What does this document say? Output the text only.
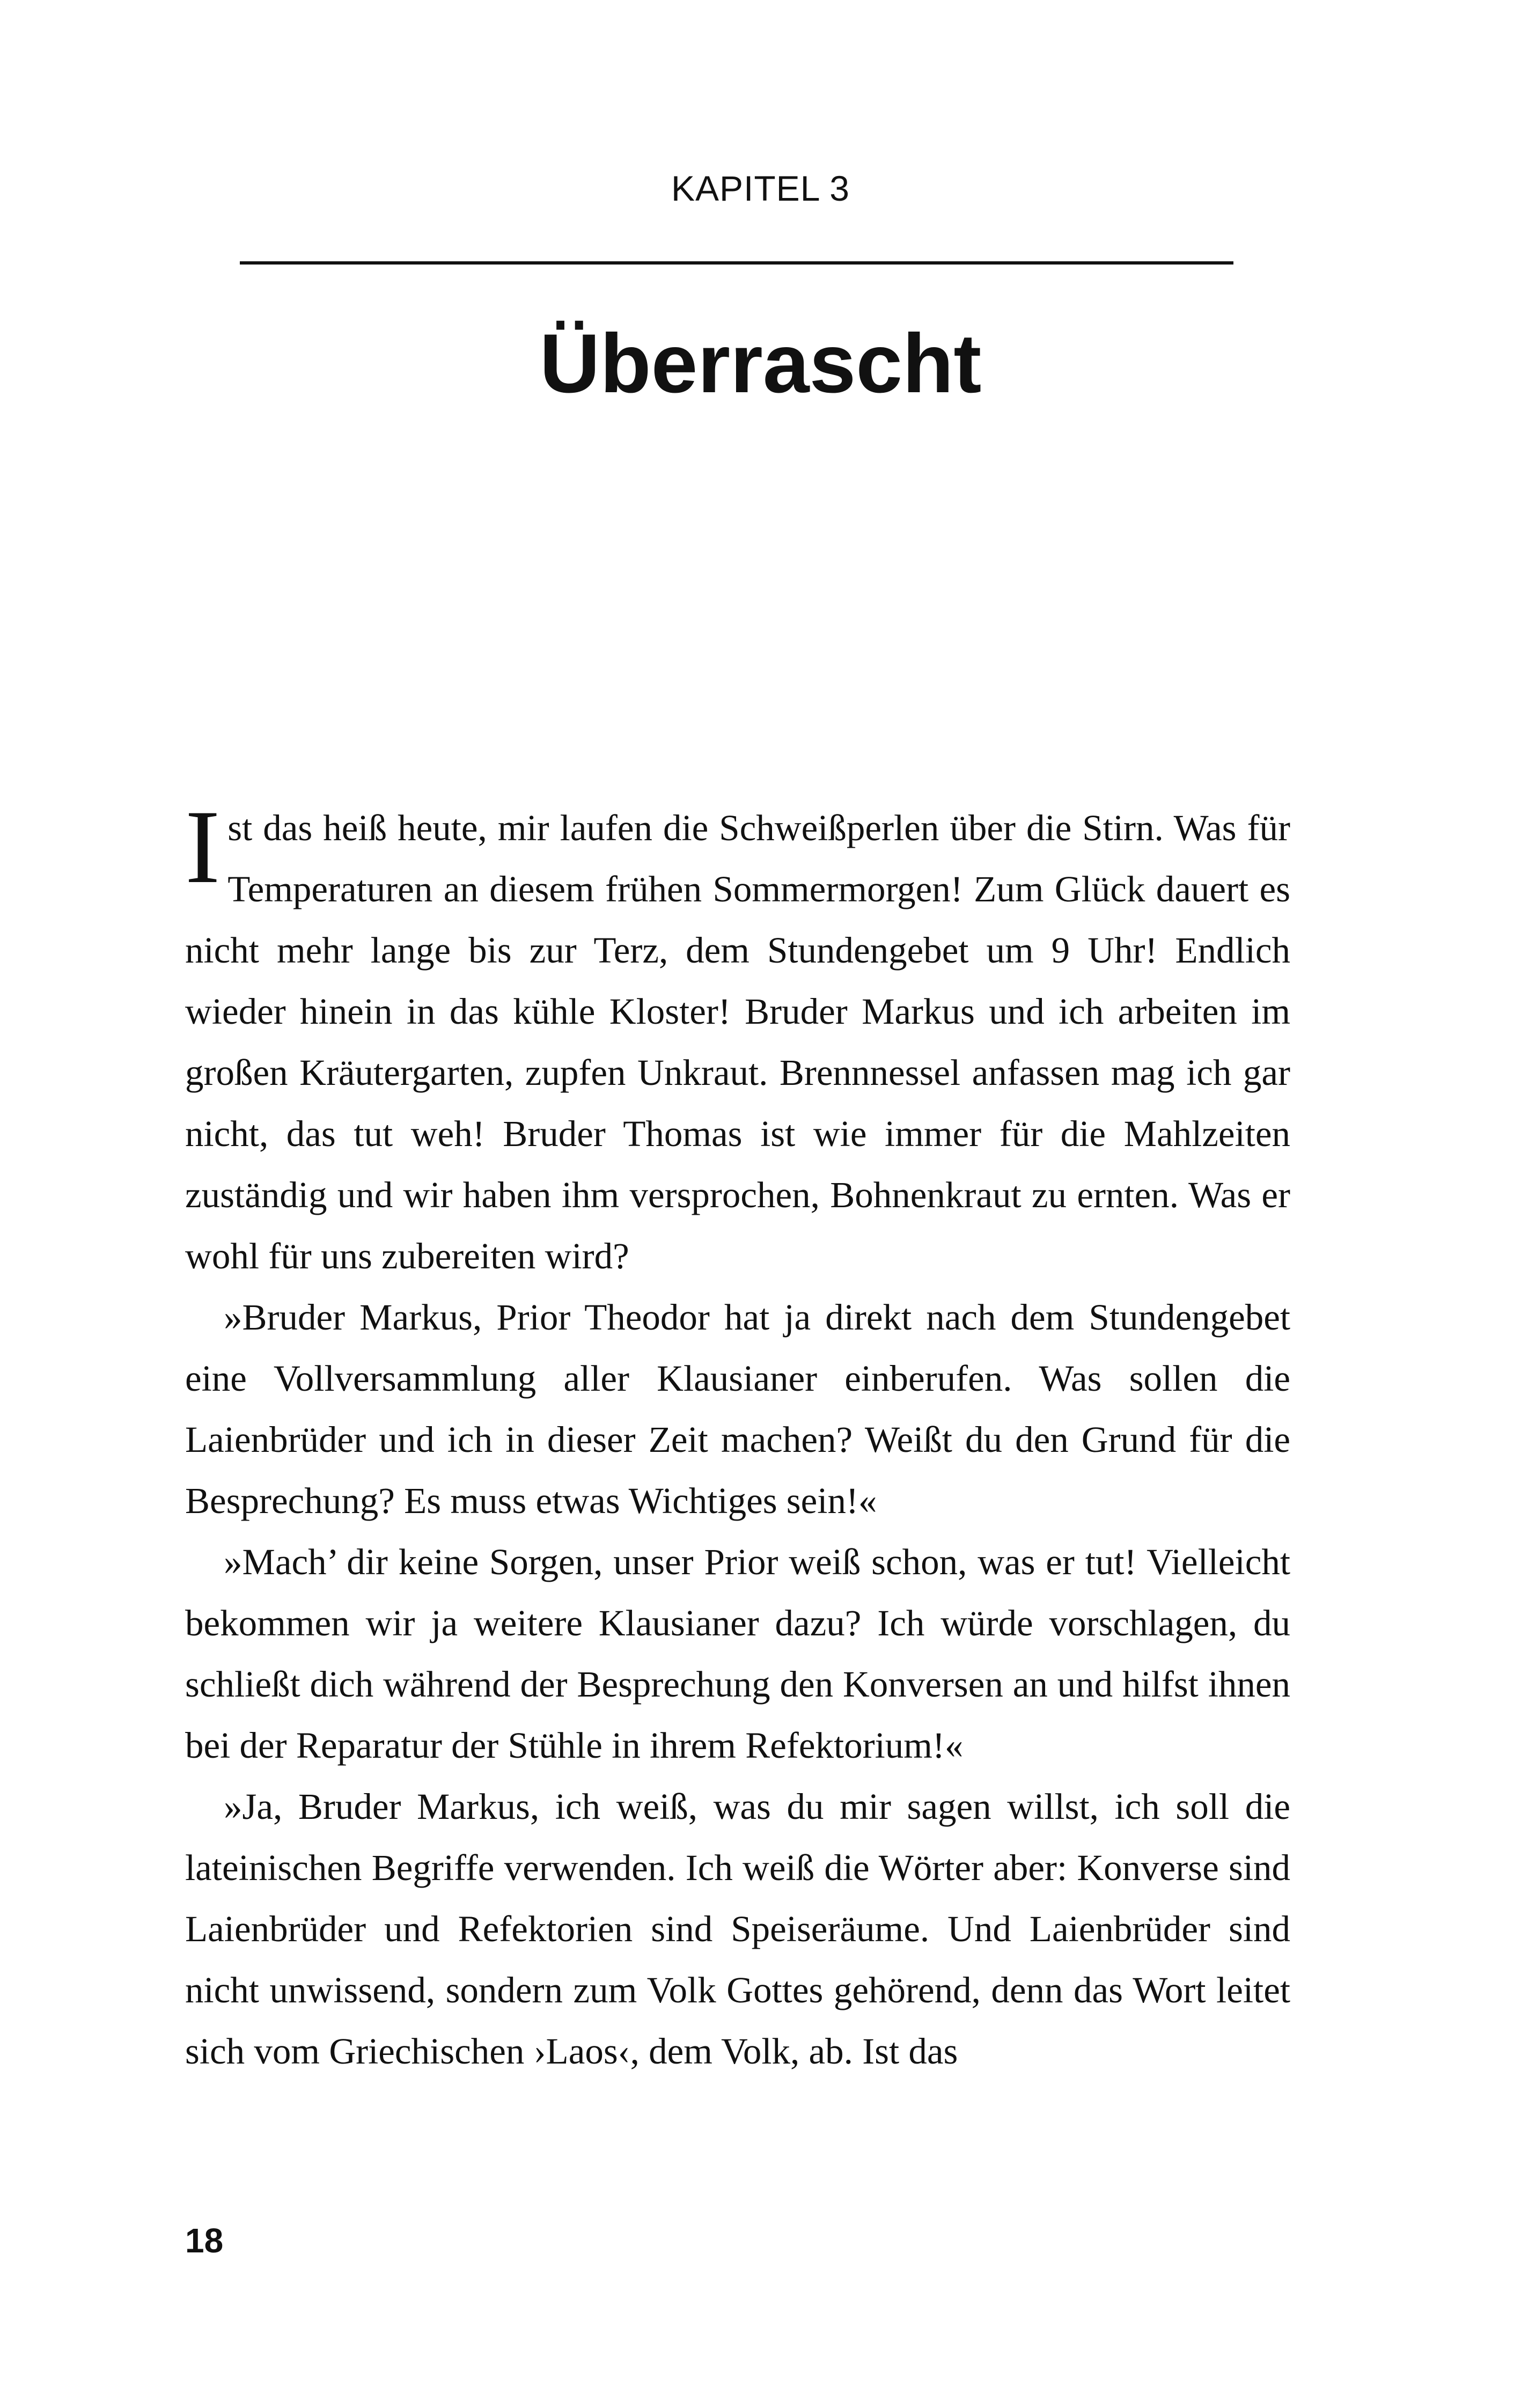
KAPITEL 3
Überrascht

Ist das heiß heute, mir laufen die Schweißperlen über die Stirn. Was für Temperaturen an diesem frühen Sommermorgen! Zum Glück dauert es nicht mehr lange bis zur Terz, dem Stundengebet um 9 Uhr! Endlich wieder hinein in das kühle Kloster! Bruder Markus und ich arbeiten im großen Kräutergarten, zupfen Unkraut. Brennnessel anfassen mag ich gar nicht, das tut weh! Bruder Thomas ist wie immer für die Mahlzeiten zuständig und wir haben ihm versprochen, Bohnenkraut zu ernten. Was er wohl für uns zubereiten wird?

»Bruder Markus, Prior Theodor hat ja direkt nach dem Stundengebet eine Vollversammlung aller Klausianer einberufen. Was sollen die Laienbrüder und ich in dieser Zeit machen? Weißt du den Grund für die Besprechung? Es muss etwas Wichtiges sein!«

»Mach’ dir keine Sorgen, unser Prior weiß schon, was er tut! Vielleicht bekommen wir ja weitere Klausianer dazu? Ich würde vorschlagen, du schließt dich während der Besprechung den Konversen an und hilfst ihnen bei der Reparatur der Stühle in ihrem Refektorium!«

»Ja, Bruder Markus, ich weiß, was du mir sagen willst, ich soll die lateinischen Begriffe verwenden. Ich weiß die Wörter aber: Konverse sind Laienbrüder und Refektorien sind Speiseräume. Und Laienbrüder sind nicht unwissend, sondern zum Volk Gottes gehörend, denn das Wort leitet sich vom Griechischen ›Laos‹, dem Volk, ab. Ist das

18
